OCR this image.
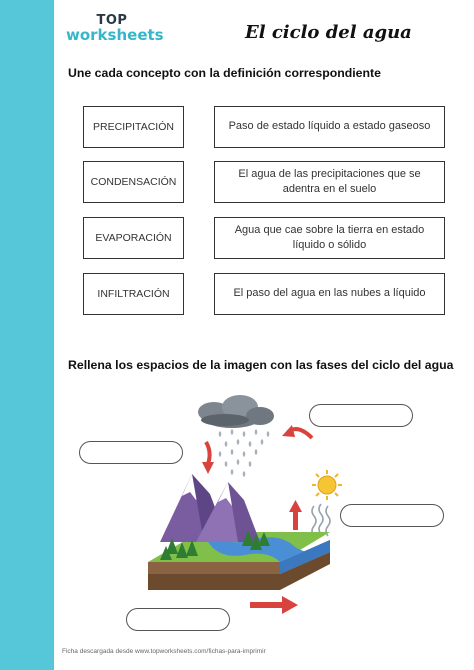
TOP
worksheets	El ciclo del agua
Une cada concepto con la definición correspondiente
PRECIPITACIÓN
CONDENSACIÓN
EVAPORACIÓN
INFILTRACIÓN
Paso de estado líquido a estado gaseoso
El agua de las precipitaciones que se adentra en el suelo
Agua que cae sobre la tierra en estado líquido o sólido
El paso del agua en las nubes a líquido
Rellena los espacios de la imagen con las fases del ciclo del agua
Ficha descargada desde www.topworksheets.com/fichas-para-imprimir
